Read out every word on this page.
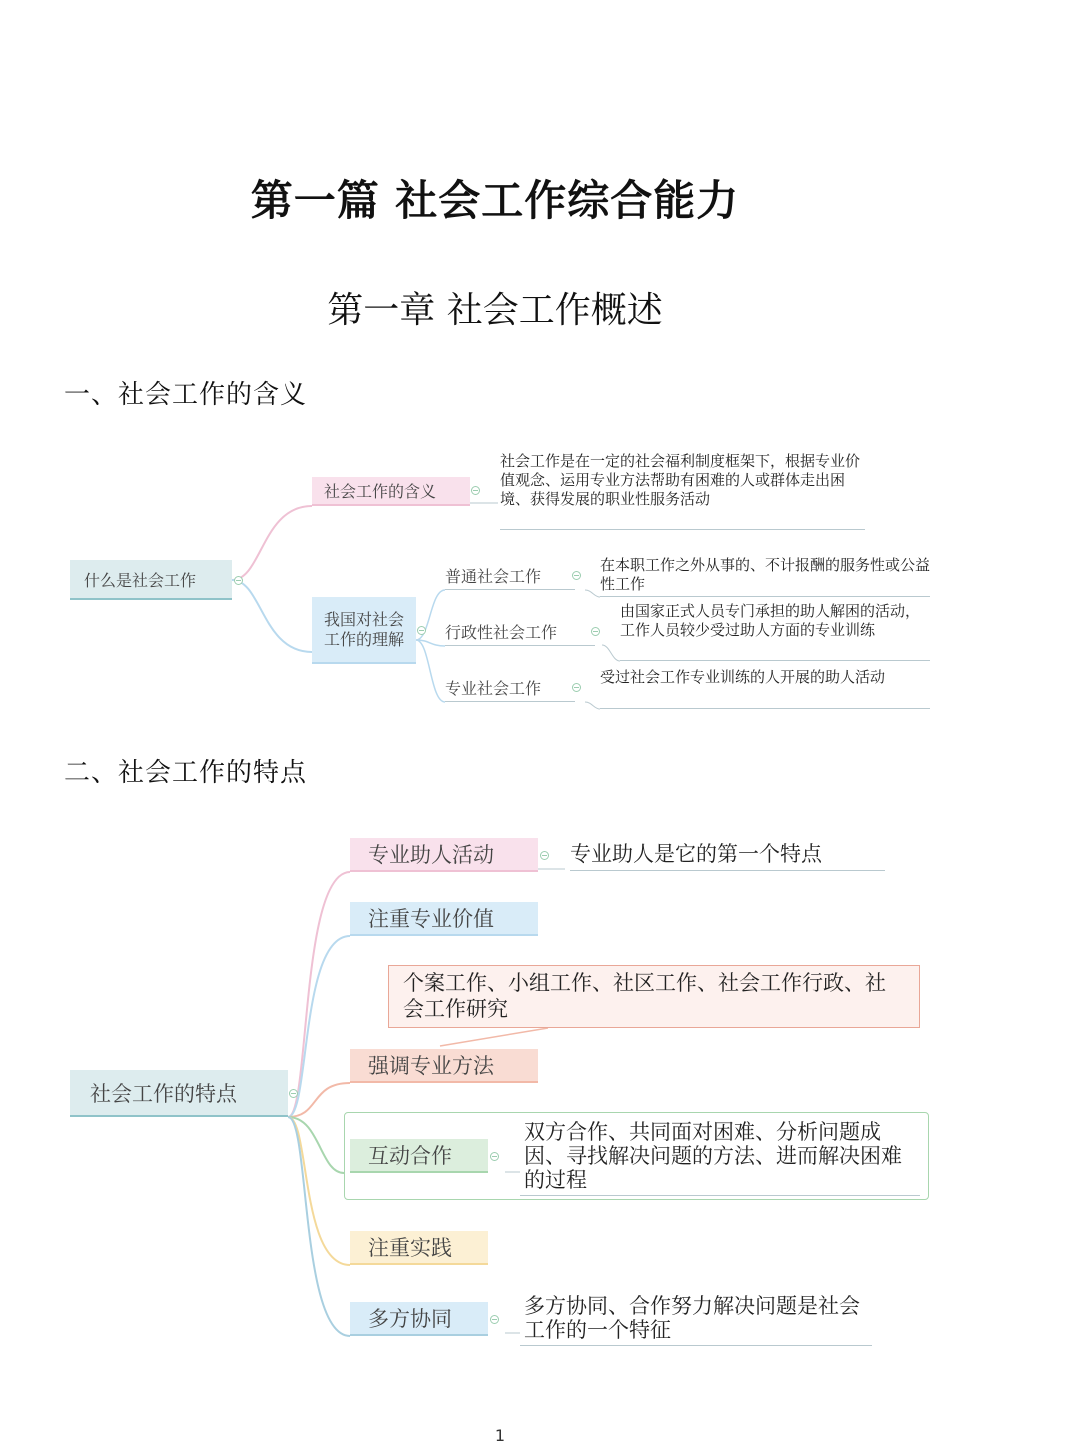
第一篇 社会工作综合能力
第一章 社会工作概述
一、社会工作的含义
什么是社会工作
社会工作的含义
社会工作是在一定的社会福利制度框架下，根据专业价值观念、运用专业方法帮助有困难的人或群体走出困境、获得发展的职业性服务活动
我国对社会工作的理解
普通社会工作
在本职工作之外从事的、不计报酬的服务性或公益性工作
行政性社会工作
由国家正式人员专门承担的助人解困的活动，工作人员较少受过助人方面的专业训练
专业社会工作
受过社会工作专业训练的人开展的助人活动
二、社会工作的特点
社会工作的特点
专业助人活动	专业助人是它的第一个特点
注重专业价值
个案工作、小组工作、社区工作、社会工作行政、社会工作研究
强调专业方法
互动合作
双方合作、共同面对困难、分析问题成因、寻找解决问题的方法、进而解决困难的过程
注重实践
多方协同
多方协同、合作努力解决问题是社会工作的一个特征
1
